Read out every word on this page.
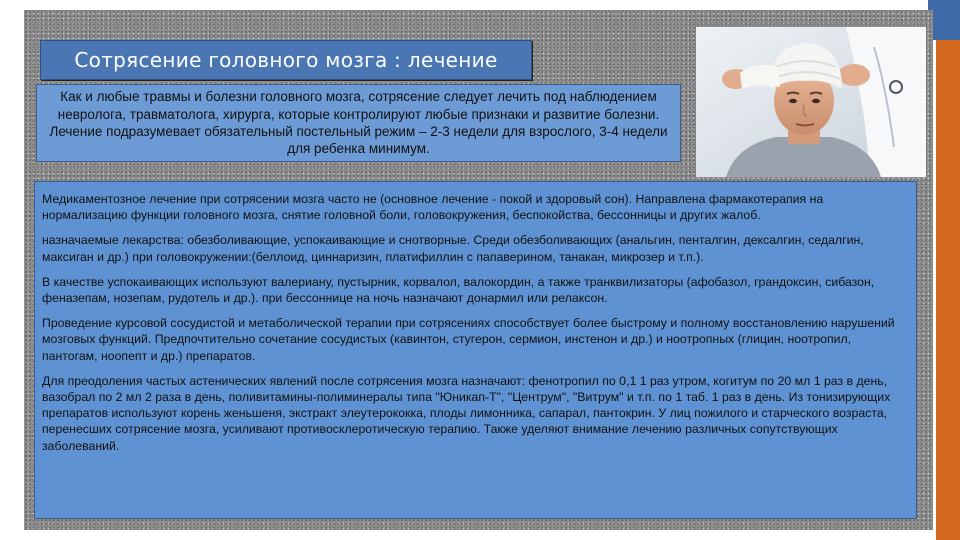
Сотрясение головного мозга : лечение

Как и любые травмы и болезни головного мозга, сотрясение следует лечить под наблюдением невролога, травматолога, хирурга, которые контролируют любые признаки и развитие болезни. Лечение подразумевает обязательный постельный режим – 2-3 недели для взрослого, 3-4 недели для ребенка минимум.

Медикаментозное лечение при сотрясении мозга часто не (основное лечение - покой и здоровый сон). Направлена фармакотерапия на нормализацию функции головного мозга, снятие головной боли, головокружения, беспокойства, бессонницы и других жалоб.

назначаемые лекарства: обезболивающие, успокаивающие и снотворные. Среди обезболивающих (анальгин, пенталгин, дексалгин, седалгин, максиган и др.) при головокружении:(беллоид, циннаризин, платифиллин с папаверином, танакан, микрозер и т.п.).

В качестве успокаивающих используют валериану, пустырник, корвалол, валокордин, а также транквилизаторы (афобазол, грандоксин, сибазон, феназепам, нозепам, рудотель и др.). при бессоннице на ночь назначают донармил или релаксон.

Проведение курсовой сосудистой и метаболической терапии при сотрясениях способствует более быстрому и полному восстановлению нарушений мозговых функций. Предпочтительно сочетание сосудистых (кавинтон, стугерон, сермион, инстенон и др.) и ноотропных (глицин, ноотропил, пантогам, ноопепт и др.) препаратов.

Для преодоления частых астенических явлений после сотрясения мозга назначают: фенотропил по 0,1 1 раз утром, когитум по 20 мл 1 раз в день, вазобрал по 2 мл 2 раза в день, поливитамины-полиминералы типа "Юникап-Т", "Центрум", "Витрум" и т.п. по 1 таб. 1 раз в день. Из тонизирующих препаратов используют корень женьшеня, экстракт элеутерококка, плоды лимонника, сапарал, пантокрин. У лиц пожилого и старческого возраста, перенесших сотрясение мозга, усиливают противосклеротическую терапию. Также уделяют внимание лечению различных сопутствующих заболеваний.
